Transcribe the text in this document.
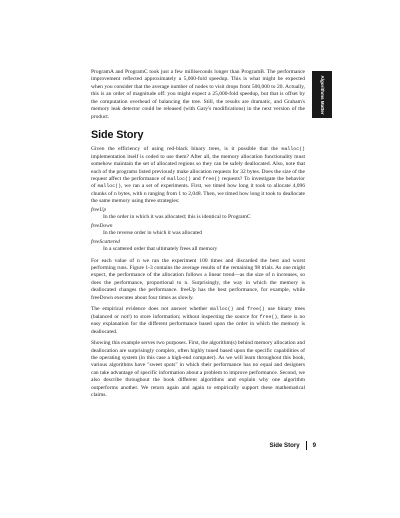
Algorithms Matter

ProgramA and ProgramC took just a few milliseconds longer than ProgramB. The performance improvement reflected approximately a 5,000-fold speedup. This is what might be expected when you consider that the average number of nodes to visit drops from 500,000 to 20. Actually, this is an order of magnitude off: you might expect a 25,000-fold speedup, but that is offset by the computation overhead of balancing the tree. Still, the results are dramatic, and Graham's memory leak detector could be released (with Gary's modifications) in the next version of the product.

Side Story

Given the efficiency of using red-black binary trees, is it possible that the malloc() implementation itself is coded to use them? After all, the memory allocation functionality must somehow maintain the set of allocated regions so they can be safely deallocated. Also, note that each of the programs listed previously make allocation requests for 32 bytes. Does the size of the request affect the performance of malloc() and free() requests? To investigate the behavior of malloc(), we ran a set of experiments. First, we timed how long it took to allocate 4,096 chunks of n bytes, with n ranging from 1 to 2,048. Then, we timed how long it took to deallocate the same memory using three strategies:

freeUp
In the order in which it was allocated; this is identical to ProgramC
freeDown
In the reverse order in which it was allocated
freeScattered
In a scattered order that ultimately frees all memory

For each value of n we ran the experiment 100 times and discarded the best and worst performing runs. Figure 1-3 contains the average results of the remaining 98 trials. As one might expect, the performance of the allocation follows a linear trend—as the size of n increases, so does the performance, proportional to n. Surprisingly, the way in which the memory is deallocated changes the performance. freeUp has the best performance, for example, while freeDown executes about four times as slowly.

The empirical evidence does not answer whether malloc() and free() use binary trees (balanced or not!) to store information; without inspecting the source for free(), there is no easy explanation for the different performance based upon the order in which the memory is deallocated.

Showing this example serves two purposes. First, the algorithm(s) behind memory allocation and deallocation are surprisingly complex, often highly tuned based upon the specific capabilities of the operating system (in this case a high-end computer). As we will learn throughout this book, various algorithms have "sweet spots" in which their performance has no equal and designers can take advantage of specific information about a problem to improve performance. Second, we also describe throughout the book different algorithms and explain why one algorithm outperforms another. We return again and again to empirically support these mathematical claims.

Side Story 9
